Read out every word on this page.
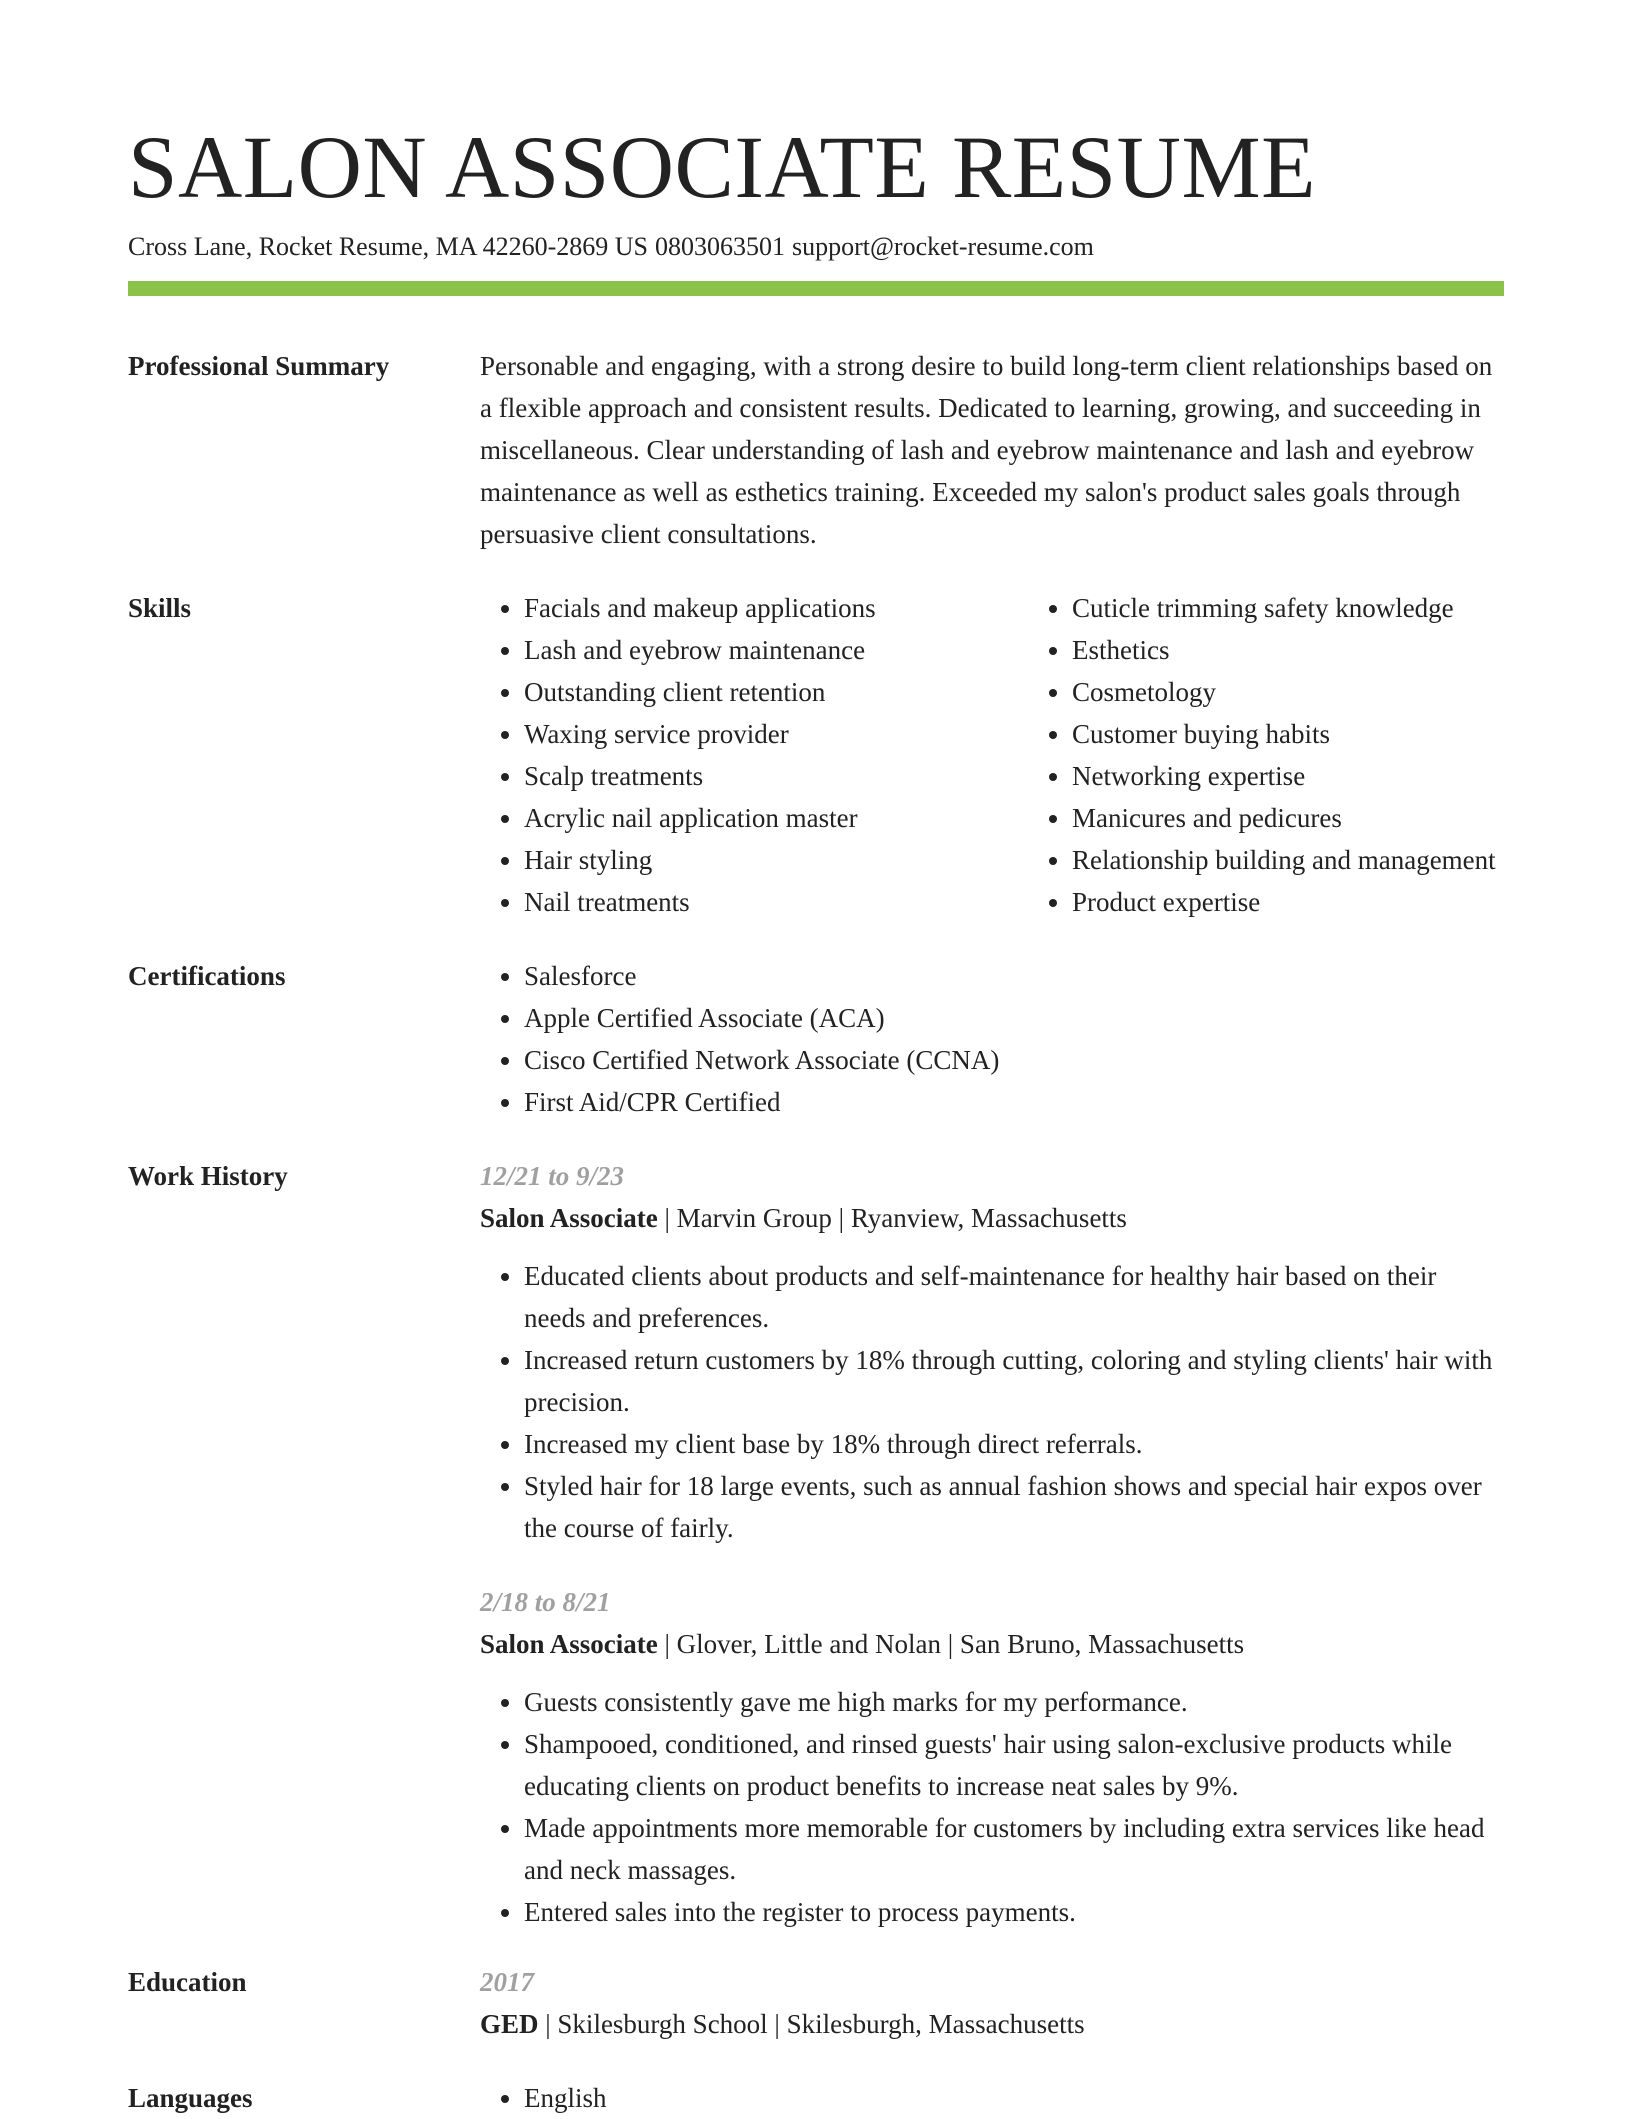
SALON ASSOCIATE RESUME
Cross Lane, Rocket Resume, MA 42260-2869 US 0803063501 support@rocket-resume.com
Professional Summary	Personable and engaging, with a strong desire to build long-term client relationships based on a flexible approach and consistent results. Dedicated to learning, growing, and succeeding in miscellaneous. Clear understanding of lash and eyebrow maintenance and lash and eyebrow maintenance as well as esthetics training. Exceeded my salon's product sales goals through persuasive client consultations.
Skills	• Facials and makeup applications
• Lash and eyebrow maintenance
• Outstanding client retention
• Waxing service provider
• Scalp treatments
• Acrylic nail application master
• Hair styling
• Nail treatments
• Cuticle trimming safety knowledge
• Esthetics
• Cosmetology
• Customer buying habits
• Networking expertise
• Manicures and pedicures
• Relationship building and management
• Product expertise
Certifications	• Salesforce
• Apple Certified Associate (ACA)
• Cisco Certified Network Associate (CCNA)
• First Aid/CPR Certified
Work History	12/21 to 9/23
Salon Associate | Marvin Group | Ryanview, Massachusetts
• Educated clients about products and self-maintenance for healthy hair based on their needs and preferences.
• Increased return customers by 18% through cutting, coloring and styling clients' hair with precision.
• Increased my client base by 18% through direct referrals.
• Styled hair for 18 large events, such as annual fashion shows and special hair expos over the course of fairly.
2/18 to 8/21
Salon Associate | Glover, Little and Nolan | San Bruno, Massachusetts
• Guests consistently gave me high marks for my performance.
• Shampooed, conditioned, and rinsed guests' hair using salon-exclusive products while educating clients on product benefits to increase neat sales by 9%.
• Made appointments more memorable for customers by including extra services like head and neck massages.
• Entered sales into the register to process payments.
Education	2017
GED | Skilesburgh School | Skilesburgh, Massachusetts
Languages	• English
